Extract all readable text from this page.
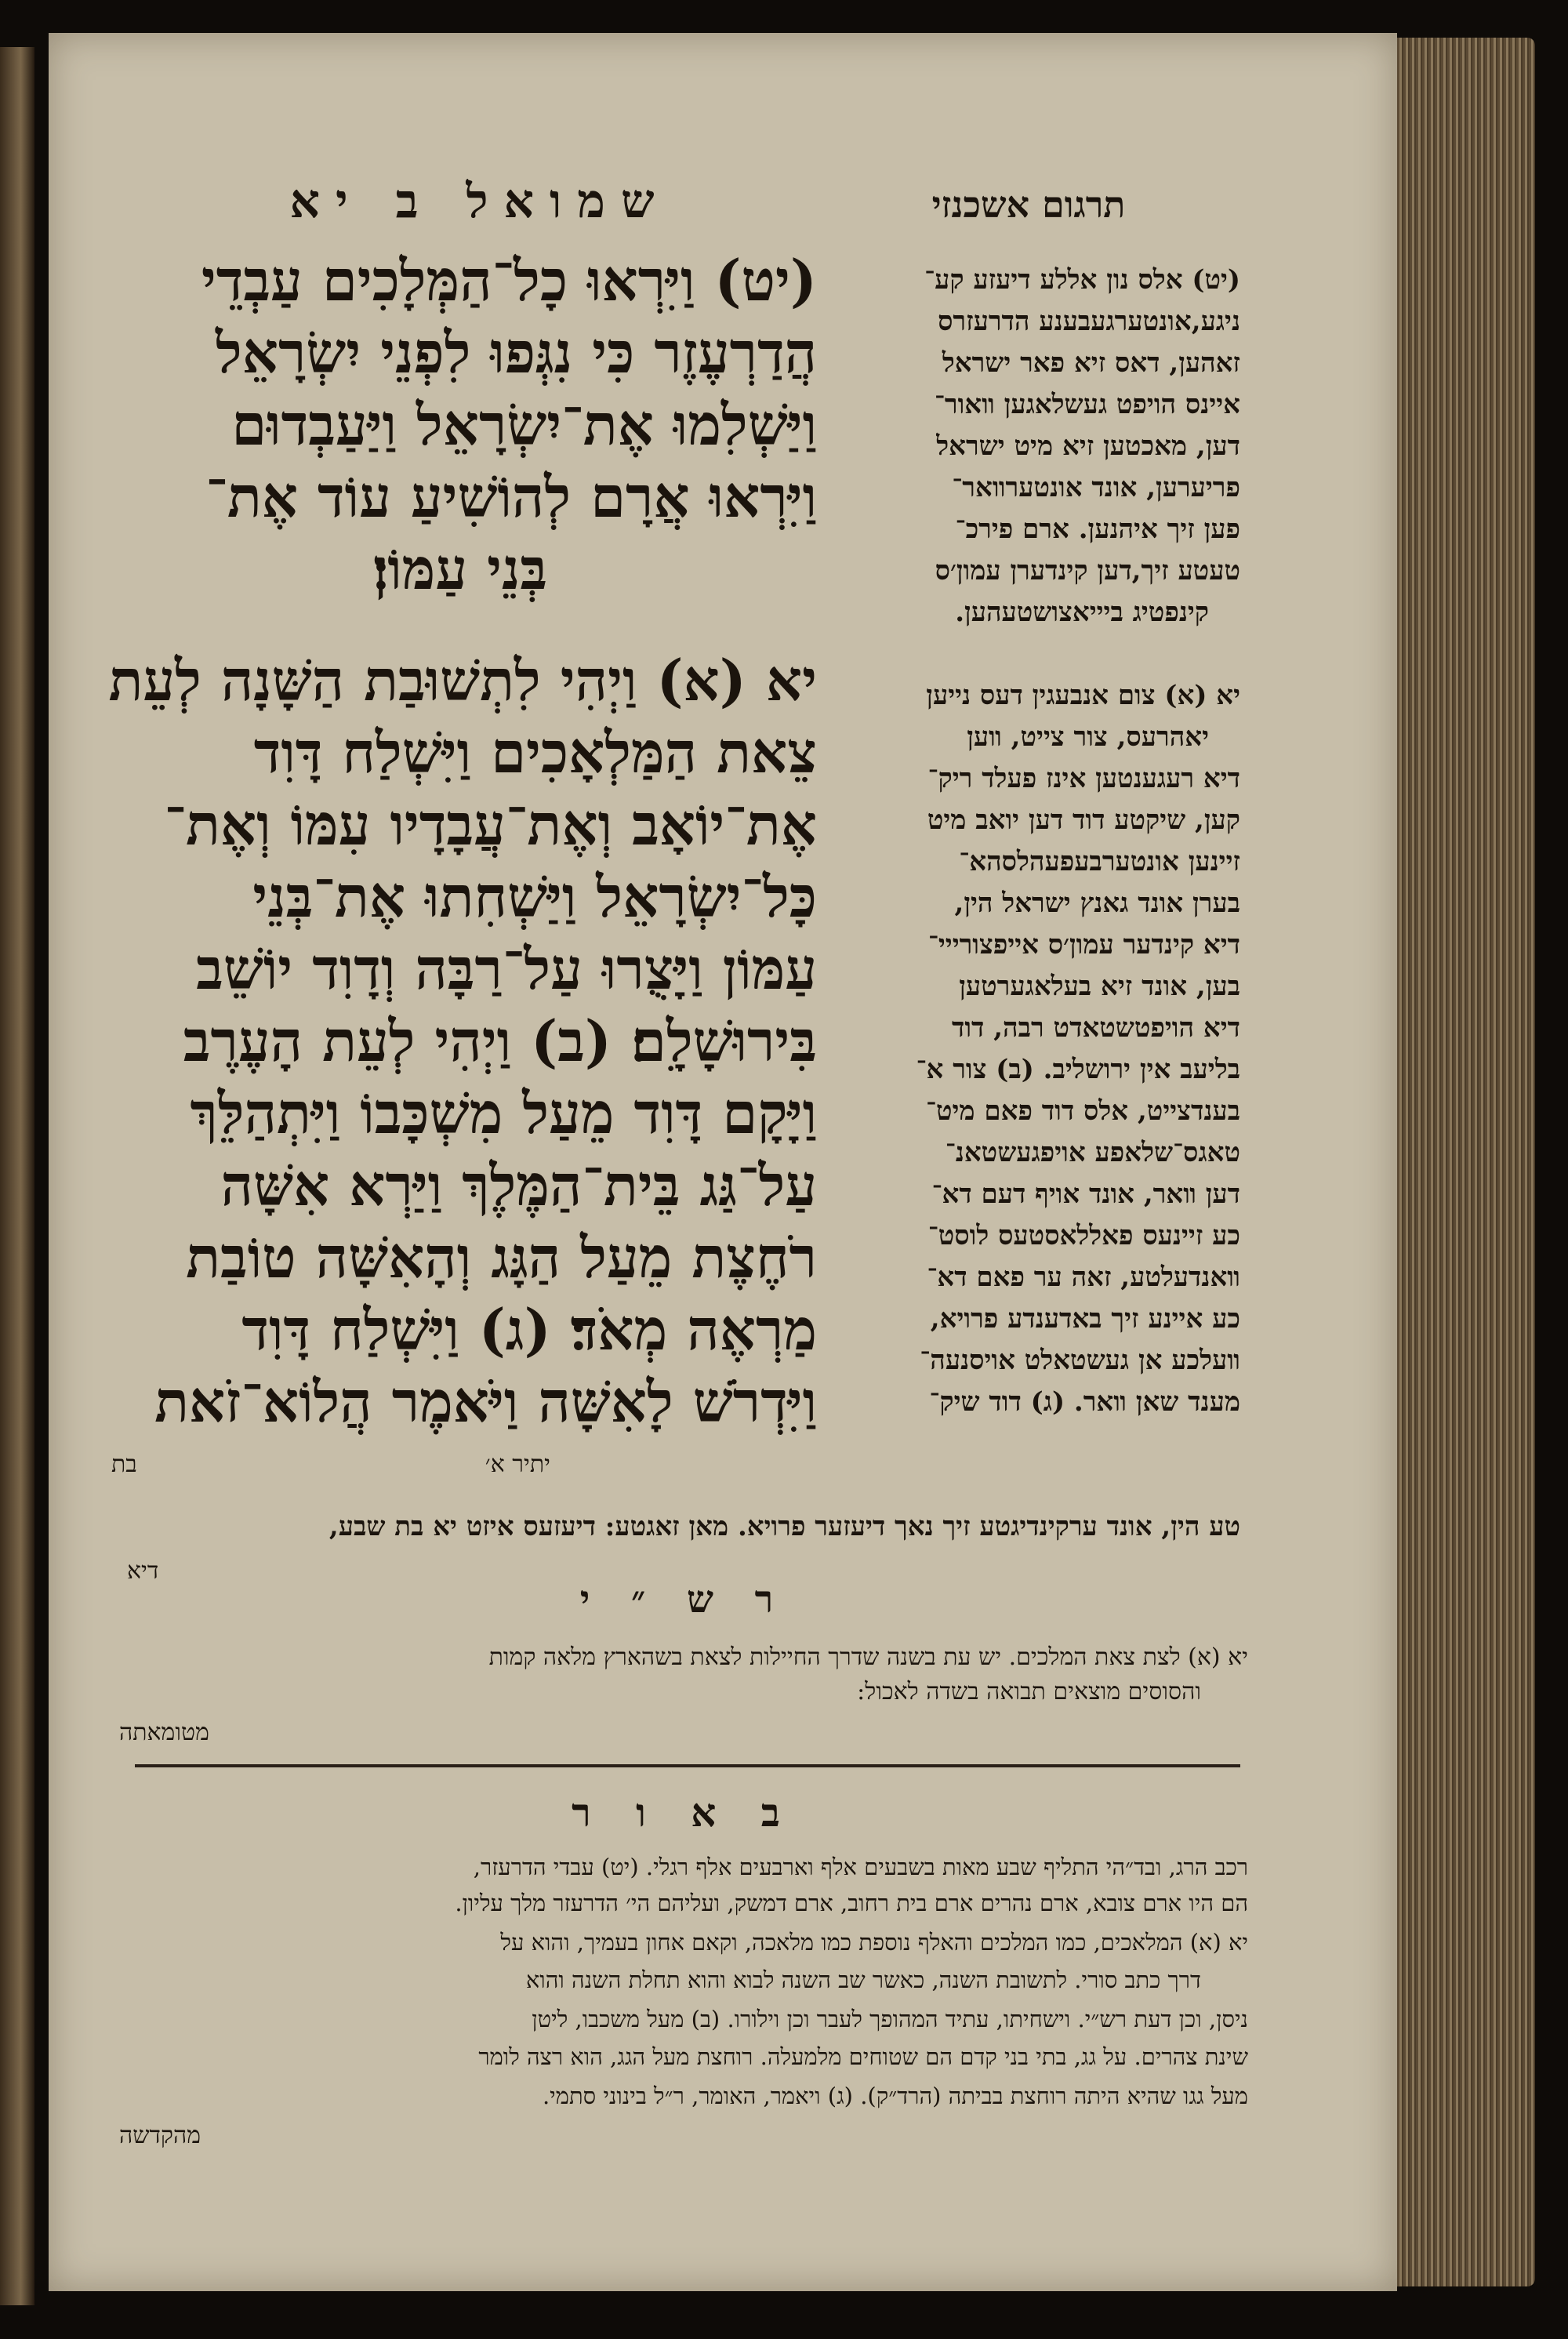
שמואל ב יא	תרגום אשכנזי
(יט) וַיִּרְאוּ כָל־הַמְּלָכִים עַבְדֵי
הֲדַרְעֶזֶר כִּי נִגְּפוּ לִפְנֵי יִשְׂרָאֵל
וַיַּשְׁלִמוּ אֶת־יִשְׂרָאֵל וַיַּעַבְדוּם
וַיִּרְאוּ אֲרָם לְהוֹשִׁיעַ עוֹד אֶת־
בְּנֵי עַמּוֹן׃
יא (א) וַיְהִי לִתְשׁוּבַת הַשָּׁנָה לְעֵת
צֵאת הַמַּלְאָכִים וַיִּשְׁלַח דָּוִד
אֶת־יוֹאָב וְאֶת־עֲבָדָיו עִמּוֹ וְאֶת־
כָּל־יִשְׂרָאֵל וַיַּשְׁחִתוּ אֶת־בְּנֵי
עַמּוֹן וַיָּצֻרוּ עַל־רַבָּה וְדָוִד יוֹשֵׁב
בִּירוּשָׁלִָם׃ (ב) וַיְהִי לְעֵת הָעֶרֶב
וַיָּקָם דָּוִד מֵעַל מִשְׁכָּבוֹ וַיִּתְהַלֵּךְ
עַל־גַּג בֵּית־הַמֶּלֶךְ וַיַּרְא אִשָּׁה
רֹחֶצֶת מֵעַל הַגָּג וְהָאִשָּׁה טוֹבַת
מַרְאֶה מְאֹד׃ (ג) וַיִּשְׁלַח דָּוִד
וַיִּדְרֹשׁ לָאִשָּׁה וַיֹּאמֶר הֲלוֹא־זֹאת
יתיר א׳
בת
(יט) אלס נון אללע דיעזע קע־
ניגע,אונטערגעבענע הדרעזרס
זאהען, דאס זיא פאר ישראל
איינס הויפט געשלאגען װאור־
דען, מאכטען זיא מיט ישראל
פריערען, אונד אונטערװאר־
פען זיך איהנען. ארם פירכ־
טעטע זיך,דען קינדערן עמון׳ס
קינפטיג ביייאצושטעהען.
יא (א) צום אנבעגין דעס נייען
יאהרעס, צור צייט, װען
דיא רעגענטען אינז פעלד ריק־
קען, שיקטע דוד דען יואב מיט
זיינען אונטערבעפעהלסהא־
בערן אונד גאנץ ישראל הין,
דיא קינדער עמון׳ס אייפצורייי־
בען, אונד זיא בעלאגערטען
דיא הויפטשטאדט רבה, דוד
בליעב אין ירושליב. (ב) צור א־
בענדצייט, אלס דוד פאם מיט־
טאגס־שלאפע אויפגעשטאנ־
דען װאר, אונד אויף דעם דא־
כע זיינעס פאללאסטעס לוסט־
װאנדעלטע, זאה ער פאם דא־
כע איינע זיך באדענדע פרויא,
װעלכע אן געשטאלט אויסנעה־
מענד שאן װאר. (ג) דוד שיק־
טע הין, אונד ערקינדיגטע זיך נאך דיעזער פרויא. מאן זאגטע: דיעזעס איזט יא בת שבע,
דיא
ר ש ״ י
יא (א) לצת צאת המלכים. יש עת בשנה שדרך החיילות לצאת בשהארץ מלאה קמות
והסוסים מוצאים תבואה בשדה לאכול:
מטומאתה
ב א ו ר
רכב הרג, ובד״הי התליף שבע מאות בשבעים אלף וארבעים אלף רגלי. (יט) עבדי הדרעזר,
הם היו ארם צובא, ארם נהרים ארם בית רחוב, ארם דמשק, ועליהם הי׳ הדרעזר מלך עליון.
יא (א) המלאכים, כמו המלכים והאלף נוספת כמו מלאכה, וקאם אחון בעמיך, והוא על
דרך כתב סורי. לתשובת השנה, כאשר שב השנה לבוא והוא תחלת השנה והוא
ניסן, וכן דעת רש״י. וישחיתו, עתיד המהופך לעבר וכן וילורו. (ב) מעל משכבו, ליטן
שינת צהרים. על גג, בתי בני קדם הם שטוחים מלמעלה. רוחצת מעל הגג, הוא רצה לומר
מעל גגו שהיא היתה רוחצת בביתה (הרד״ק). (ג) ויאמר, האומר, ר״ל בינוני סתמי.
מהקדשה
